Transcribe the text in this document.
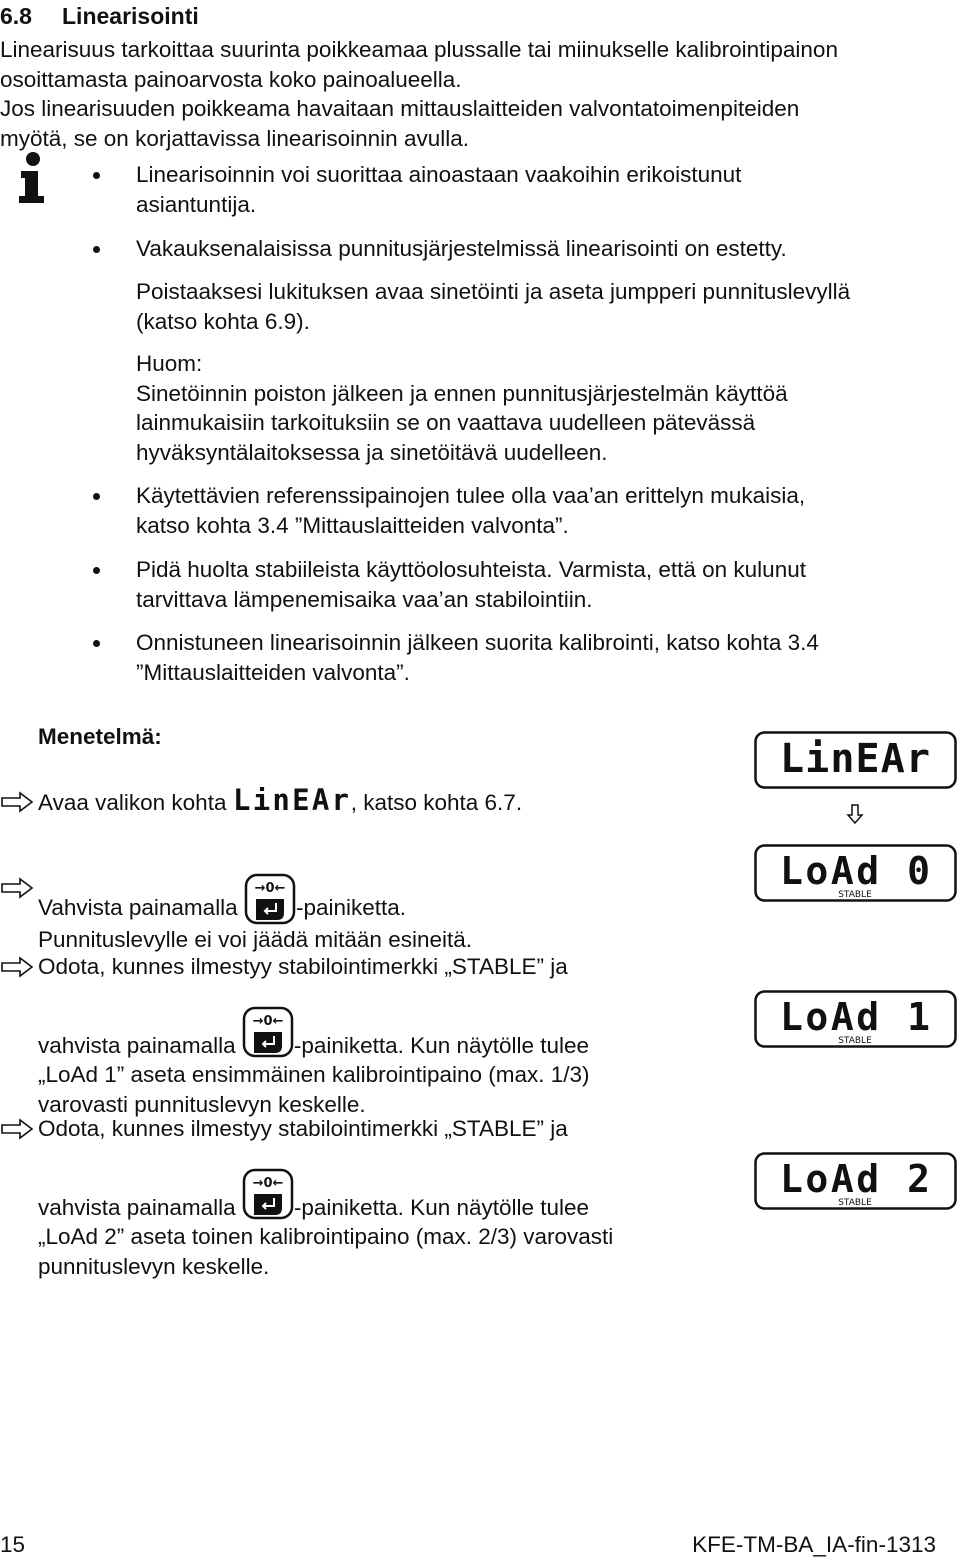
6.8 Linearisointi
Linearisuus tarkoittaa suurinta poikkeamaa plussalle tai miinukselle kalibrointipainon
osoittamasta painoarvosta koko painoalueella.
Jos linearisuuden poikkeama havaitaan mittauslaitteiden valvontatoimenpiteiden
myötä, se on korjattavissa linearisoinnin avulla.
Linearisoinnin voi suorittaa ainoastaan vaakoihin erikoistunut
asiantuntija.
Vakauksenalaisissa punnitusjärjestelmissä linearisointi on estetty.
Poistaaksesi lukituksen avaa sinetöinti ja aseta jumpperi punnituslevyllä
(katso kohta 6.9).
Huom:
Sinetöinnin poiston jälkeen ja ennen punnitusjärjestelmän käyttöä
lainmukaisiin tarkoituksiin se on vaattava uudelleen pätevässä
hyväksyntälaitoksessa ja sinetöitävä uudelleen.
Käytettävien referenssipainojen tulee olla vaa’an erittelyn mukaisia,
katso kohta 3.4 ”Mittauslaitteiden valvonta”.
Pidä huolta stabiileista käyttöolosuhteista. Varmista, että on kulunut
tarvittava lämpenemisaika vaa’an stabilointiin.
Onnistuneen linearisoinnin jälkeen suorita kalibrointi, katso kohta 3.4
”Mittauslaitteiden valvonta”.
Menetelmä:
Avaa valikon kohta LinEAr , katso kohta 6.7.
Vahvista painamalla
→0←
-painiketta.
Punnituslevylle ei voi jäädä mitään esineitä.
Odota, kunnes ilmestyy stabilointimerkki „STABLE” ja
vahvista painamalla
→0←
-painiketta. Kun näytölle tulee
„LoAd 1” aseta ensimmäinen kalibrointipaino (max. 1/3)
varovasti punnituslevyn keskelle.
Odota, kunnes ilmestyy stabilointimerkki „STABLE” ja
vahvista painamalla
→0←
-painiketta. Kun näytölle tulee
„LoAd 2” aseta toinen kalibrointipaino (max. 2/3) varovasti
punnituslevyn keskelle.
LinEAr
LoAd 0
STABLE
LoAd 1
STABLE
LoAd 2
STABLE
15	KFE-TM-BA_IA-fin-1313
